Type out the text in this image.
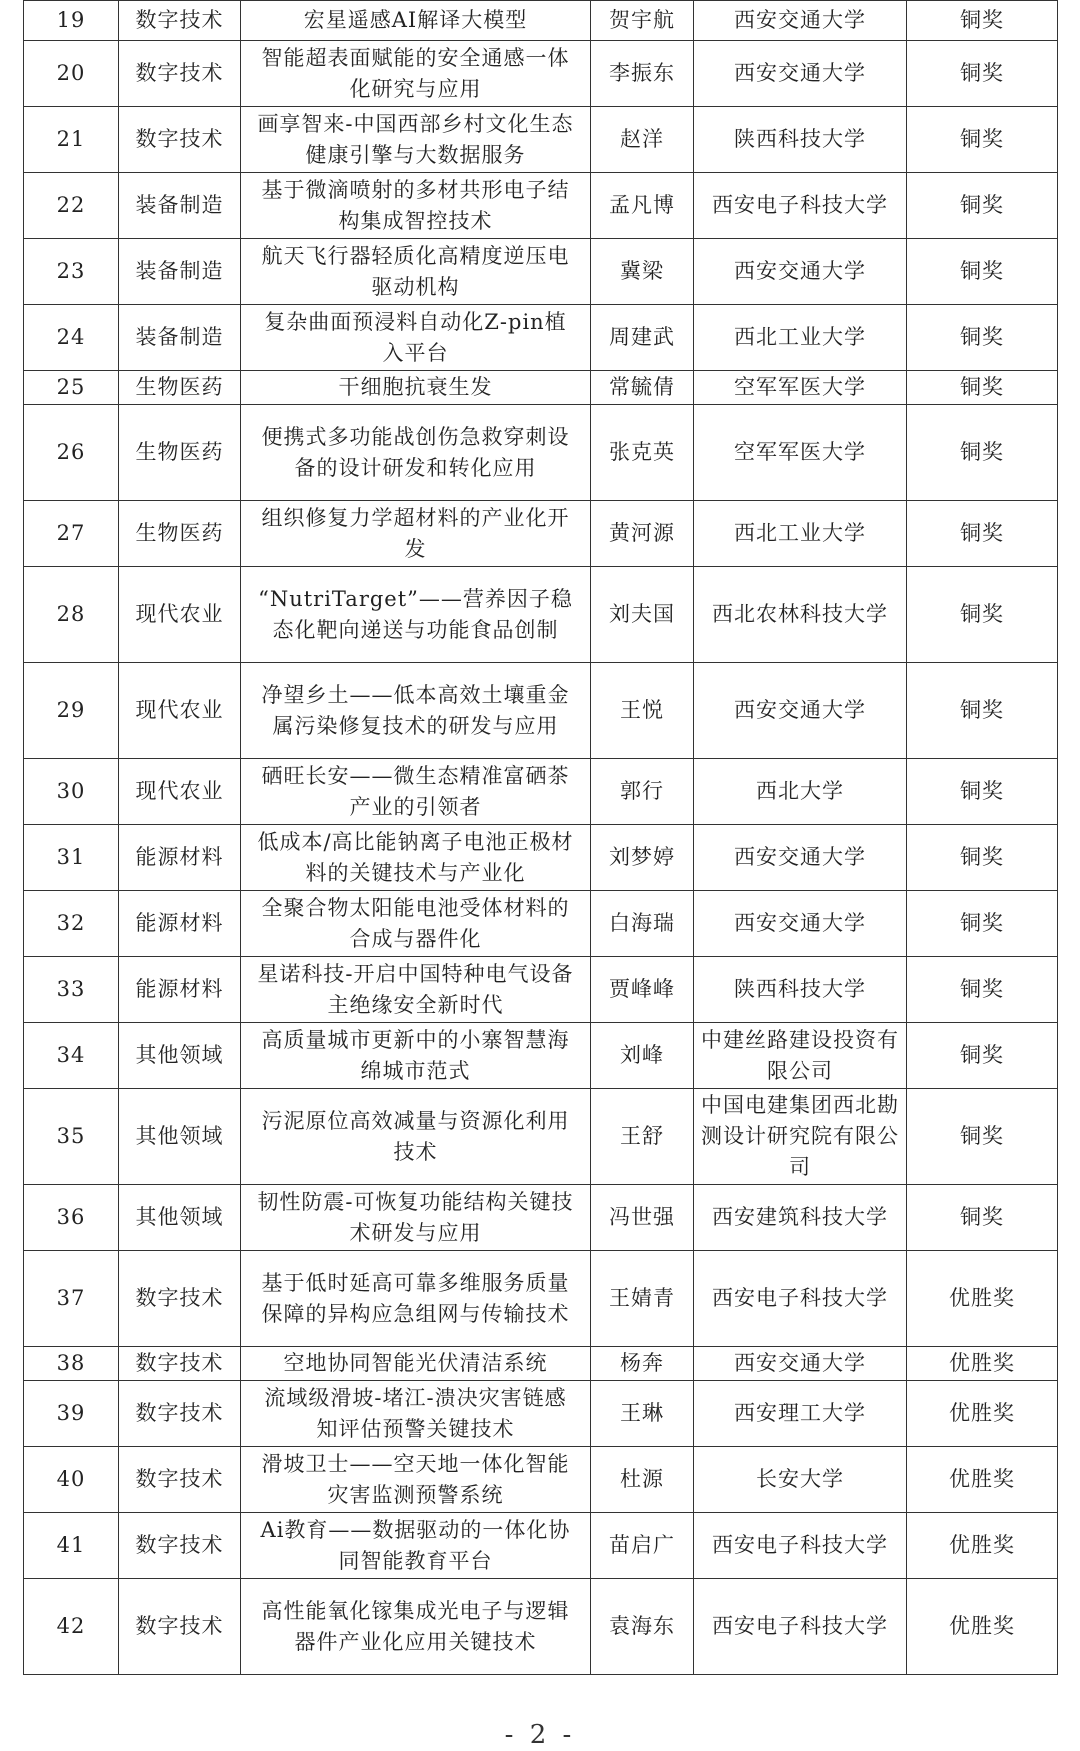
19	数字技术	宏星遥感AI解译大模型	贺宇航	西安交通大学	铜奖
20	数字技术	智能超表面赋能的安全通感一体化研究与应用	李振东	西安交通大学	铜奖
21	数字技术	画享智来-中国西部乡村文化生态健康引擎与大数据服务	赵洋	陕西科技大学	铜奖
22	装备制造	基于微滴喷射的多材共形电子结构集成智控技术	孟凡博	西安电子科技大学	铜奖
23	装备制造	航天飞行器轻质化高精度逆压电驱动机构	冀梁	西安交通大学	铜奖
24	装备制造	复杂曲面预浸料自动化Z-pin植入平台	周建武	西北工业大学	铜奖
25	生物医药	干细胞抗衰生发	常毓倩	空军军医大学	铜奖
26	生物医药	便携式多功能战创伤急救穿刺设备的设计研发和转化应用	张克英	空军军医大学	铜奖
27	生物医药	组织修复力学超材料的产业化开发	黄河源	西北工业大学	铜奖
28	现代农业	“NutriTarget”——营养因子稳态化靶向递送与功能食品创制	刘夫国	西北农林科技大学	铜奖
29	现代农业	净望乡土——低本高效土壤重金属污染修复技术的研发与应用	王悦	西安交通大学	铜奖
30	现代农业	硒旺长安——微生态精准富硒茶产业的引领者	郭行	西北大学	铜奖
31	能源材料	低成本/高比能钠离子电池正极材料的关键技术与产业化	刘梦婷	西安交通大学	铜奖
32	能源材料	全聚合物太阳能电池受体材料的合成与器件化	白海瑞	西安交通大学	铜奖
33	能源材料	星诺科技-开启中国特种电气设备主绝缘安全新时代	贾峰峰	陕西科技大学	铜奖
34	其他领域	高质量城市更新中的小寨智慧海绵城市范式	刘峰	中建丝路建设投资有限公司	铜奖
35	其他领域	污泥原位高效减量与资源化利用技术	王舒	中国电建集团西北勘测设计研究院有限公司	铜奖
36	其他领域	韧性防震-可恢复功能结构关键技术研发与应用	冯世强	西安建筑科技大学	铜奖
37	数字技术	基于低时延高可靠多维服务质量保障的异构应急组网与传输技术	王婧青	西安电子科技大学	优胜奖
38	数字技术	空地协同智能光伏清洁系统	杨奔	西安交通大学	优胜奖
39	数字技术	流域级滑坡-堵江-溃决灾害链感知评估预警关键技术	王琳	西安理工大学	优胜奖
40	数字技术	滑坡卫士——空天地一体化智能灾害监测预警系统	杜源	长安大学	优胜奖
41	数字技术	Ai教育——数据驱动的一体化协同智能教育平台	苗启广	西安电子科技大学	优胜奖
42	数字技术	高性能氧化镓集成光电子与逻辑器件产业化应用关键技术	袁海东	西安电子科技大学	优胜奖
- 2 -
